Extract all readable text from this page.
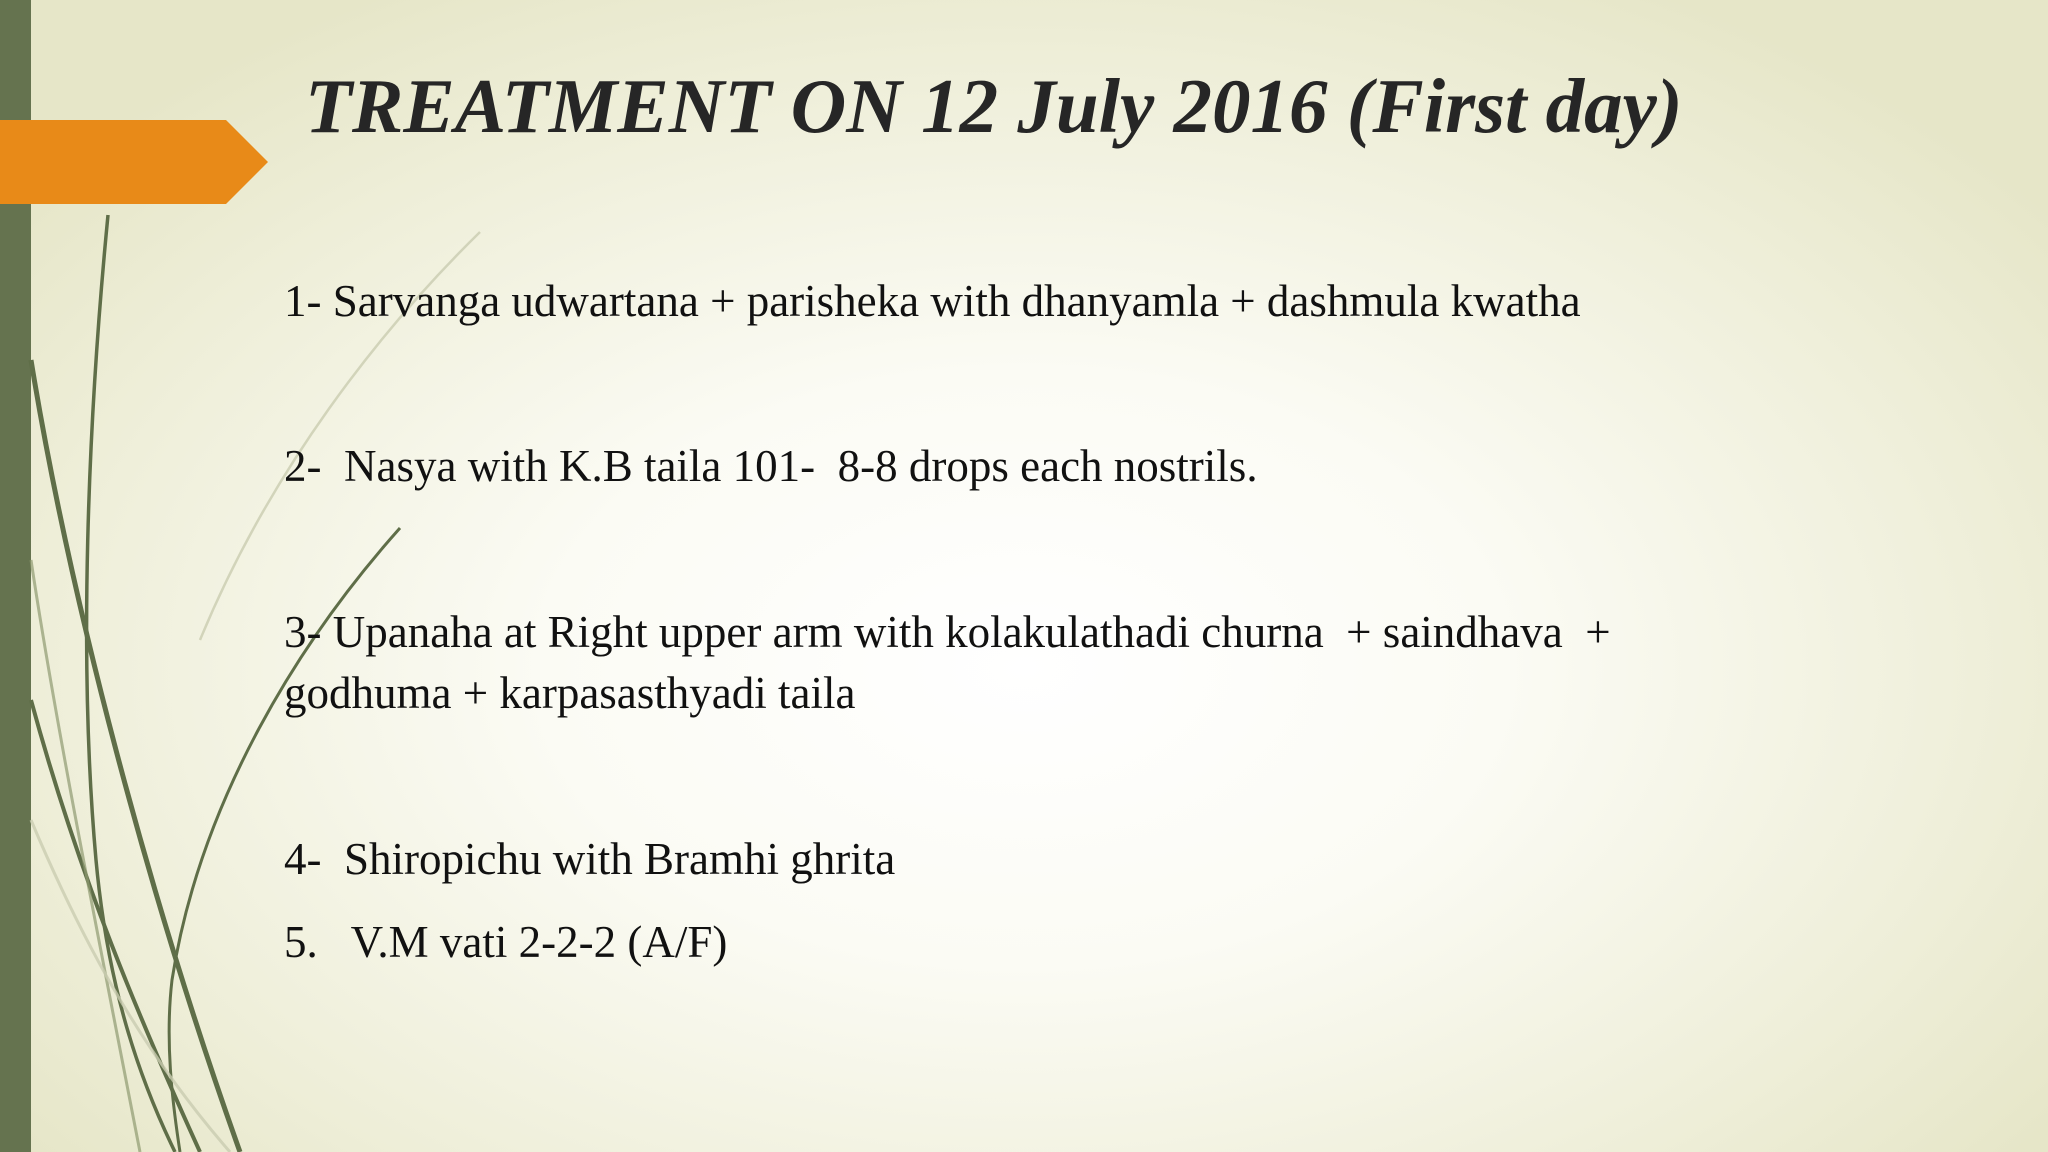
TREATMENT ON 12 July 2016 (First day)

1- Sarvanga udwartana + parisheka with dhanyamla + dashmula kwatha

2-  Nasya with K.B taila 101-  8-8 drops each nostrils.

3- Upanaha at Right upper arm with kolakulathadi churna  + saindhava  +
godhuma + karpasasthyadi taila

4-  Shiropichu with Bramhi ghrita

5.   V.M vati 2-2-2 (A/F)
